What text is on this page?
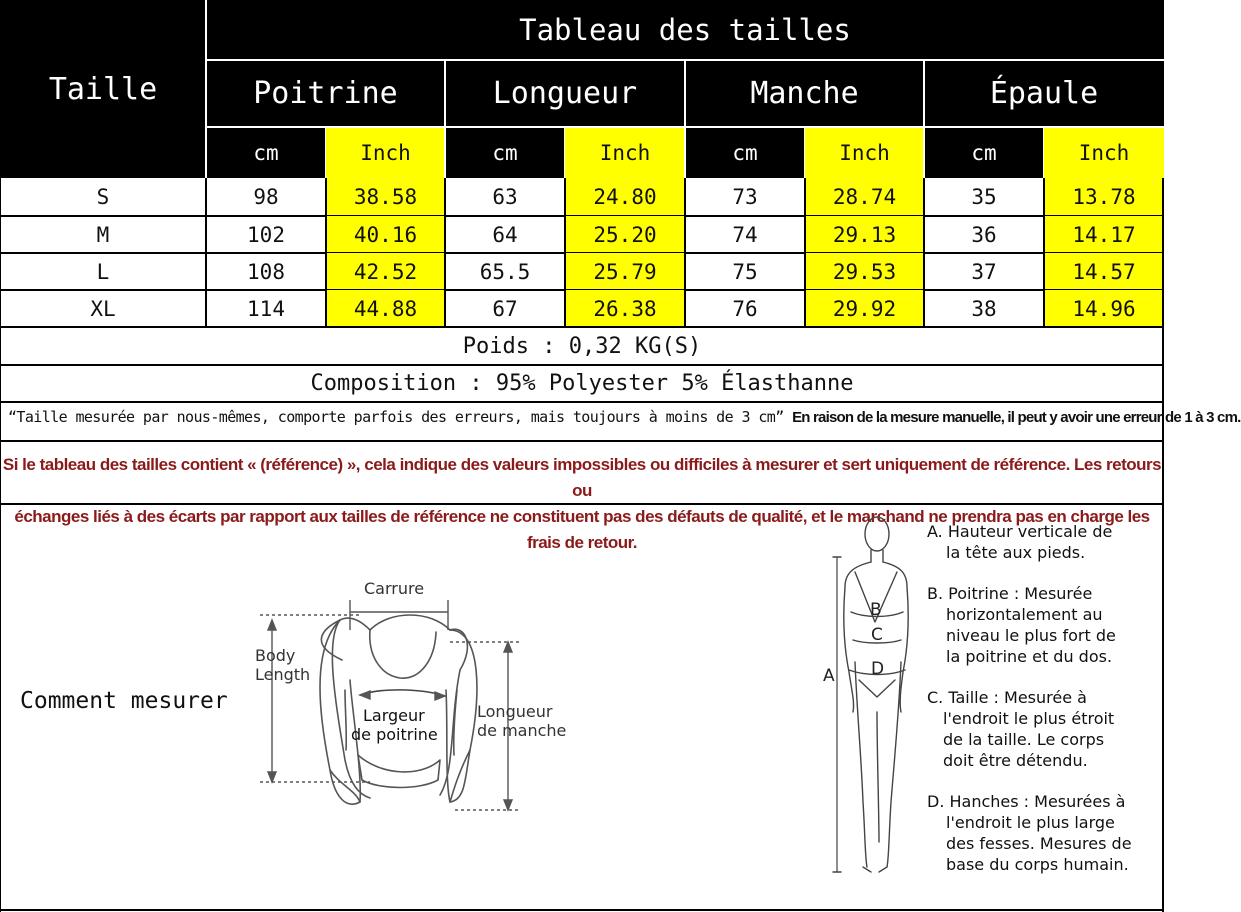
Taille
Tableau des tailles
Poitrine	Longueur	Manche	Épaule
cm	Inch	cm	Inch	cm	Inch	cm	Inch
S	98	38.58	63	24.80	73	28.74	35	13.78
M	102	40.16	64	25.20	74	29.13	36	14.17
L	108	42.52	65.5	25.79	75	29.53	37	14.57
XL	114	44.88	67	26.38	76	29.92	38	14.96
Poids : 0,32 KG(S)
Composition : 95% Polyester 5% Élasthanne
“Taille mesurée par nous-mêmes, comporte parfois des erreurs, mais toujours à moins de 3 cm” En raison de la mesure manuelle, il peut y avoir une erreur de 1 à 3 cm.
Si le tableau des tailles contient « (référence) », cela indique des valeurs impossibles ou difficiles à mesurer et sert uniquement de référence. Les retours ou
échanges liés à des écarts par rapport aux tailles de référence ne constituent pas des défauts de qualité, et le marchand ne prendra pas en charge les frais de retour.
Comment mesurer
Carrure
Body
Length
Largeur
de poitrine
Longueur
de manche
A
B
C
D
A. Hauteur verticale de
la tête aux pieds.
B. Poitrine : Mesurée
horizontalement au
niveau le plus fort de
la poitrine et du dos.
C. Taille : Mesurée à
l'endroit le plus étroit
de la taille. Le corps
doit être détendu.
D. Hanches : Mesurées à
l'endroit le plus large
des fesses. Mesures de
base du corps humain.
